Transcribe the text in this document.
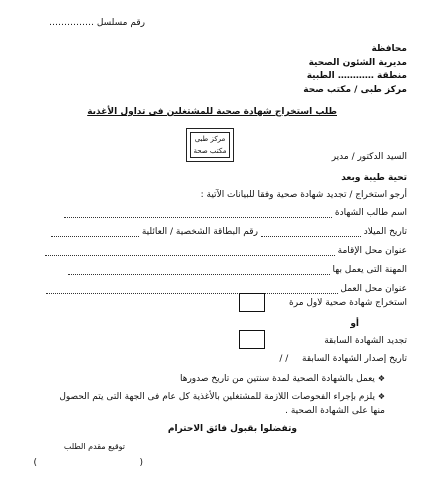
رقم مسلسل ……………
محافظة
مديرية الشئون الصحية
منطقة ………… الطبية
مركز طبى / مكتب صحة
طلب استخراج شهادة صحية للمشتغلين فى تداول الأغذية
مركز طبى
مكتب صحة
السيد الدكتور / مدير
تحية طيبة وبعد
أرجو استخراج / تجديد شهادة صحية وفقا للبيانات الآتية :
اسم طالب الشهادة
تاريخ الميلاد  رقم البطاقة الشخصية / العائلية
عنوان محل الإقامة
المهنة التى يعمل بها
عنوان محل العمل
استخراج شهادة صحية لاول مرة
أو
تجديد الشهادة السابقة
تاريخ إصدار الشهادة السابقة  / /
❖ يعمل بالشهادة الصحية لمدة سنتين من تاريخ صدورها
❖ يلزم بإجراء الفحوصات اللازمة للمشتغلين بالأغذية كل عام فى الجهة التى يتم الحصول منها على الشهادة الصحية .
وتفضلوا بقبول فائق الاحترام
توقيع مقدم الطلب
(
)
